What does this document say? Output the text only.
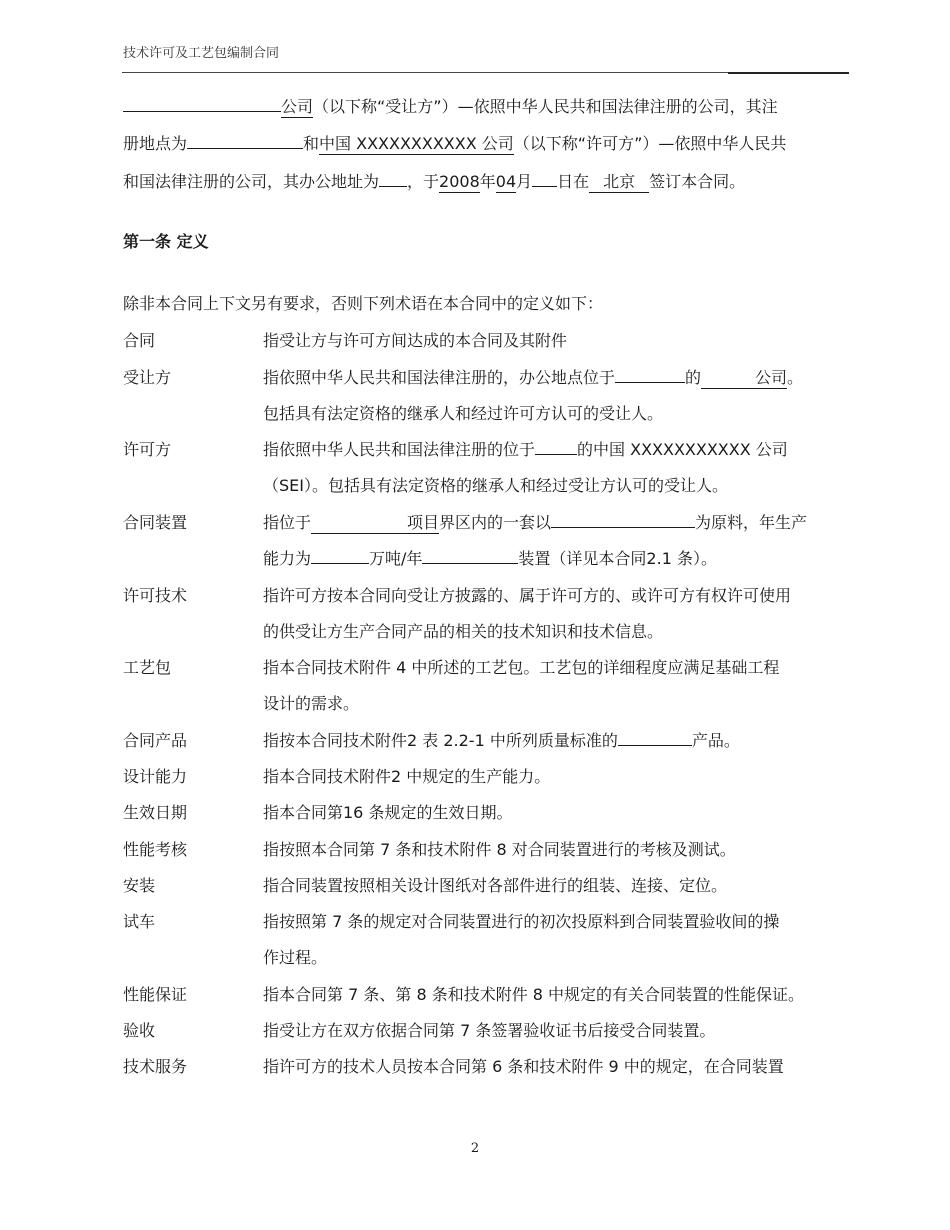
技术许可及工艺包编制合同
公司（以下称“受让方”）—依照中华人民共和国法律注册的公司，其注
册地点为	和中国 XXXXXXXXXXX 公司（以下称“许可方”）—依照中华人民共
和国法律注册的公司，其办公地址为 ，于2008年04月 日在 北京 签订本合同。
第一条 定义
除非本合同上下文另有要求，否则下列术语在本合同中的定义如下：
合同	指受让方与许可方间达成的本合同及其附件
受让方	指依照中华人民共和国法律注册的，办公地点位于	的	公司。
包括具有法定资格的继承人和经过许可方认可的受让人。
许可方	指依照中华人民共和国法律注册的位于	的中国 XXXXXXXXXXX 公司
（SEI）。包括具有法定资格的继承人和经过受让方认可的受让人。
合同装置	指位于	项目界区内的一套以	为原料，年生产
能力为	万吨/年	装置（详见本合同2.1 条）。
许可技术	指许可方按本合同向受让方披露的、属于许可方的、或许可方有权许可使用
的供受让方生产合同产品的相关的技术知识和技术信息。
工艺包	指本合同技术附件 4 中所述的工艺包。工艺包的详细程度应满足基础工程
设计的需求。
合同产品	指按本合同技术附件2 表 2.2-1 中所列质量标准的	产品。
设计能力	指本合同技术附件2 中规定的生产能力。
生效日期	指本合同第16 条规定的生效日期。
性能考核	指按照本合同第 7 条和技术附件 8 对合同装置进行的考核及测试。
安装	指合同装置按照相关设计图纸对各部件进行的组装、连接、定位。
试车	指按照第 7 条的规定对合同装置进行的初次投原料到合同装置验收间的操
作过程。
性能保证	指本合同第 7 条、第 8 条和技术附件 8 中规定的有关合同装置的性能保证。
验收	指受让方在双方依据合同第 7 条签署验收证书后接受合同装置。
技术服务	指许可方的技术人员按本合同第 6 条和技术附件 9 中的规定，在合同装置
2
